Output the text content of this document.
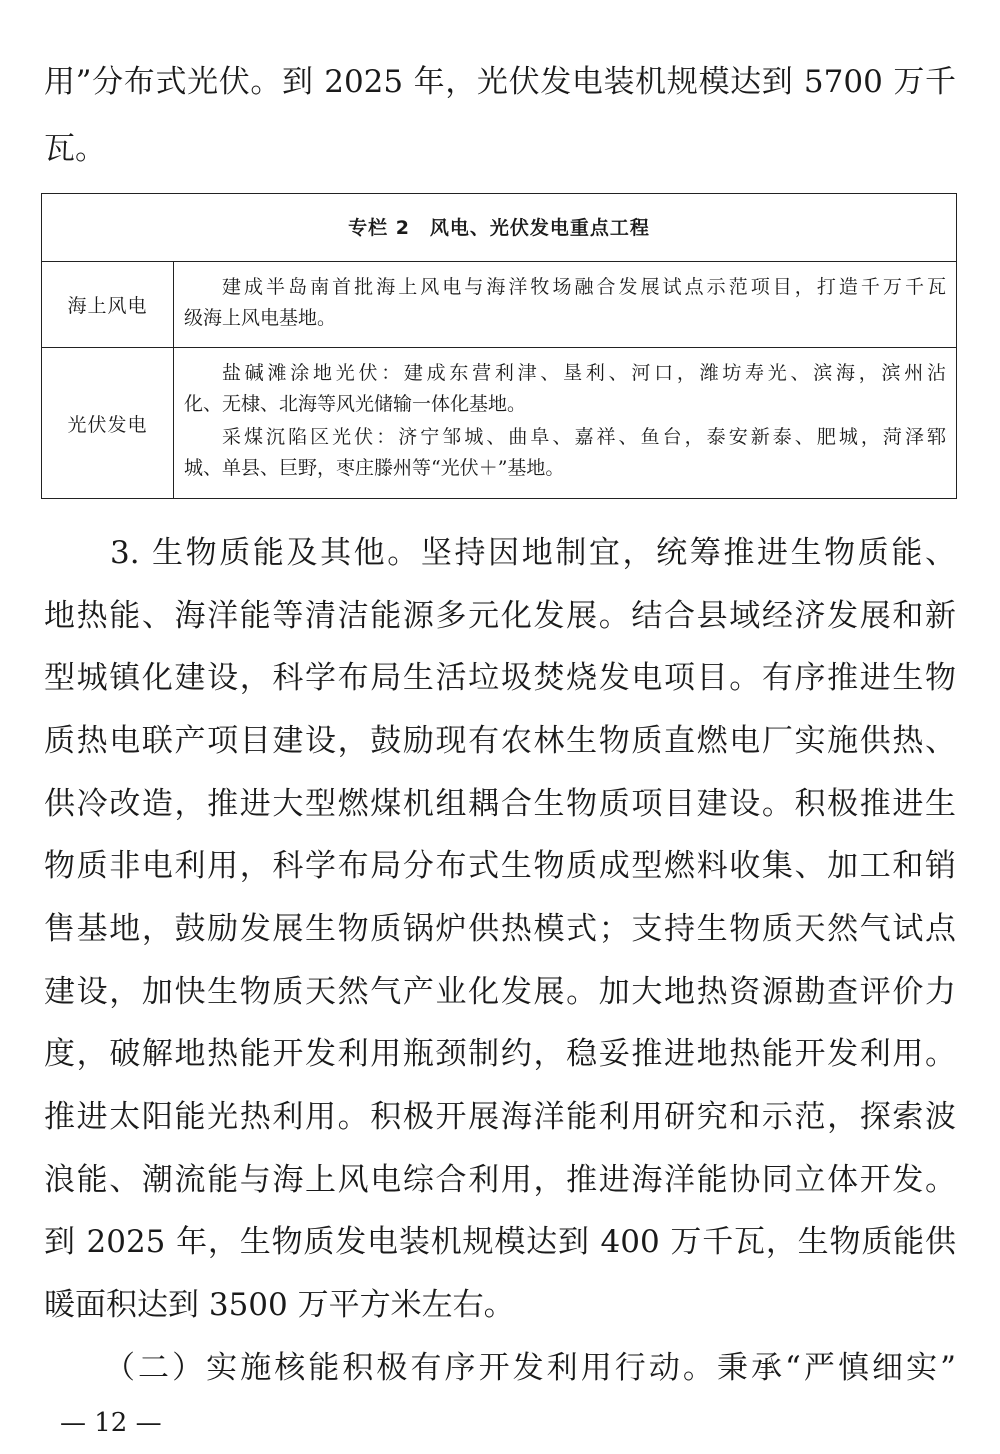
用”分布式光伏。到 2025 年，光伏发电装机规模达到 5700 万千
瓦。
专栏 2　风电、光伏发电重点工程
海上风电
建成半岛南首批海上风电与海洋牧场融合发展试点示范项目，打造千万千瓦
级海上风电基地。
光伏发电
盐碱滩涂地光伏：建成东营利津、垦利、河口，潍坊寿光、滨海，滨州沾
化、无棣、北海等风光储输一体化基地。
采煤沉陷区光伏：济宁邹城、曲阜、嘉祥、鱼台，泰安新泰、肥城，菏泽郓
城、单县、巨野，枣庄滕州等“光伏＋”基地。
3. 生物质能及其他。坚持因地制宜，统筹推进生物质能、
地热能、海洋能等清洁能源多元化发展。结合县域经济发展和新
型城镇化建设，科学布局生活垃圾焚烧发电项目。有序推进生物
质热电联产项目建设，鼓励现有农林生物质直燃电厂实施供热、
供冷改造，推进大型燃煤机组耦合生物质项目建设。积极推进生
物质非电利用，科学布局分布式生物质成型燃料收集、加工和销
售基地，鼓励发展生物质锅炉供热模式；支持生物质天然气试点
建设，加快生物质天然气产业化发展。加大地热资源勘查评价力
度，破解地热能开发利用瓶颈制约，稳妥推进地热能开发利用。
推进太阳能光热利用。积极开展海洋能利用研究和示范，探索波
浪能、潮流能与海上风电综合利用，推进海洋能协同立体开发。
到 2025 年，生物质发电装机规模达到 400 万千瓦，生物质能供
暖面积达到 3500 万平方米左右。
（二）实施核能积极有序开发利用行动。秉承“严慎细实”
— 12 —
